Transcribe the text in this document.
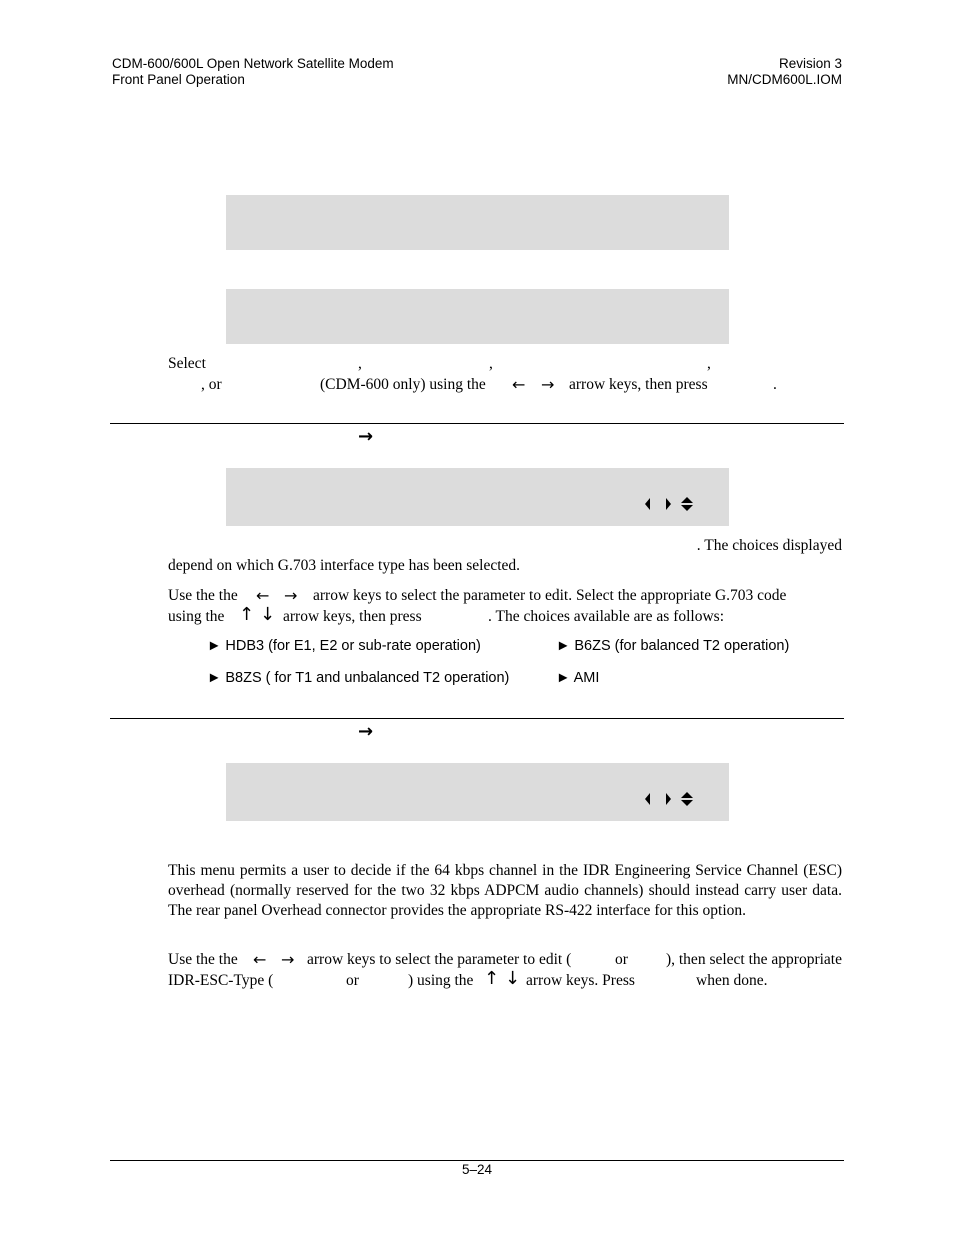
CDM-600/600L Open Network Satellite Modem
Front Panel Operation
Revision 3
MN/CDM600L.IOM
Select	,	,	,
, or	(CDM-600 only) using the ← → arrow keys, then press	.
→
. The choices displayed
depend on which G.703 interface type has been selected.
Use the the ← → arrow keys to select the parameter to edit. Select the appropriate G.703 code
using the ↑ ↓ arrow keys, then press	. The choices available are as follows:
► HDB3 (for E1, E2 or sub-rate operation)	► B6ZS (for balanced T2 operation)
► B8ZS ( for T1 and unbalanced T2 operation)	► AMI
→
This menu permits a user to decide if the 64 kbps channel in the IDR Engineering Service Channel (ESC) overhead (normally reserved for the two 32 kbps ADPCM audio channels) should instead carry user data. The rear panel Overhead connector provides the appropriate RS-422 interface for this option.
Use the the ← → arrow keys to select the parameter to edit (	or ), then select the appropriate
IDR-ESC-Type (	or	) using the ↑ ↓ arrow keys. Press	when done.
5–24
